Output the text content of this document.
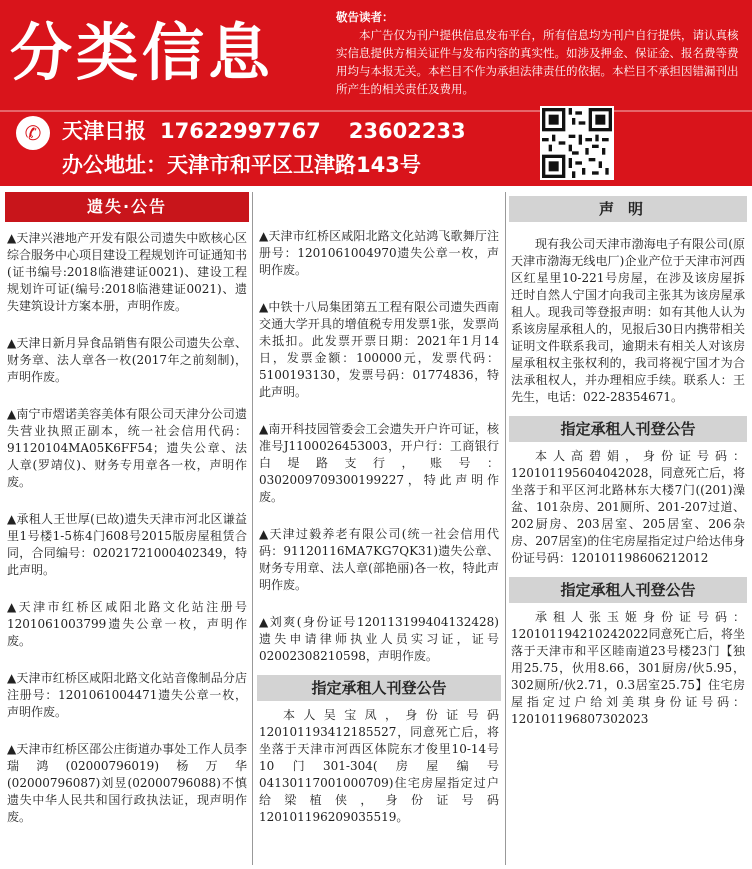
分类信息	敬告读者：
本广告仅为刊户提供信息发布平台，所有信息均为刊户自行提供，请认真核实信息提供方相关证件与发布内容的真实性。如涉及押金、保证金、报名费等费用均与本报无关。本栏目不作为承担法律责任的依据。本栏目不承担因错漏刊出所产生的相关责任及费用。
✆ 天津日报 17622997767 23602233
办公地址：天津市和平区卫津路143号
遗失·公告
▲天津兴港地产开发有限公司遗失中欧核心区综合服务中心项目建设工程规划许可证通知书(证书编号:2018临港建证0021)、建设工程规划许可证(编号:2018临港建证0021)、遗失建筑设计方案本册，声明作废。
▲天津日新月异食品销售有限公司遗失公章、财务章、法人章各一枚(2017年之前刻制)，声明作废。
▲南宁市熠诺美容美体有限公司天津分公司遗失营业执照正副本，统一社会信用代码：91120104MA05K6FF54；遗失公章、法人章(罗靖仪)、财务专用章各一枚，声明作废。
▲承租人王世厚(已故)遗失天津市河北区谦益里1号楼1-5栋4门608号2015版房屋租赁合同，合同编号：02021721000402349，特此声明。
▲天津市红桥区咸阳北路文化站注册号1201061003799遗失公章一枚，声明作废。
▲天津市红桥区咸阳北路文化站音像制品分店注册号：1201061004471遗失公章一枚，声明作废。
▲天津市红桥区邵公庄街道办事处工作人员李瑞鸿(02000796019)杨万华(02000796087)刘昱(02000796088)不慎遗失中华人民共和国行政执法证，现声明作废。
▲天津市红桥区咸阳北路文化站鸿飞歌舞厅注册号：1201061004970遗失公章一枚，声明作废。
▲中铁十八局集团第五工程有限公司遗失西南交通大学开具的增值税专用发票1张，发票尚未抵扣。此发票开票日期：2021年1月14日，发票金额：100000元，发票代码：5100193130，发票号码：01774836，特此声明。
▲南开科技园管委会工会遗失开户许可证，核准号J1100026453003，开户行：工商银行白堤路支行，账号：0302009709300199227，特此声明作废。
▲天津过毅养老有限公司(统一社会信用代码：91120116MA7KG7QK31)遗失公章、财务专用章、法人章(部艳丽)各一枚，特此声明作废。
▲刘爽(身份证号120113199404132428)遗失申请律师执业人员实习证，证号02002308210598，声明作废。
指定承租人刊登公告
本人吴宝凤，身份证号码120101193412185527，同意死亡后，将坐落于天津市河西区体院东才俊里10-14号10门301-304(房屋编号04130117001000709)住宅房屋指定过户给梁植侠，身份证号码120101196209035519。
声明
现有我公司天津市渤海电子有限公司(原天津市渤海无线电厂)企业产位于天津市河西区红星里10-221号房屋，在涉及该房屋拆迁时自然人宁国才向我司主张其为该房屋承租人。现我司等登报声明：如有其他人认为系该房屋承租人的，见报后30日内携带相关证明文件联系我司，逾期未有相关人对该房屋承租权主张权利的，我司将视宁国才为合法承租权人，并办理相应手续。联系人：王先生，电话：022-28354671。
指定承租人刊登公告
本人高碧娟，身份证号码：120101195604042028，同意死亡后，将坐落于和平区河北路林东大楼7门((201)澡盆、101杂房、201厕所、201-207过道、202厨房、203居室、205居室、206杂房、207居室)的住宅房屋指定过户给达伟身份证号码：120101198606212012
指定承租人刊登公告
承租人张玉姬身份证号码：120101194210242022同意死亡后，将坐落于天津市和平区睦南道23号楼23门【独用25.75，伙用8.66，301厨房/伙5.95，302厕所/伙2.71，0.3居室25.75】住宅房屋指定过户给刘美琪身份证号码：120101196807302023
